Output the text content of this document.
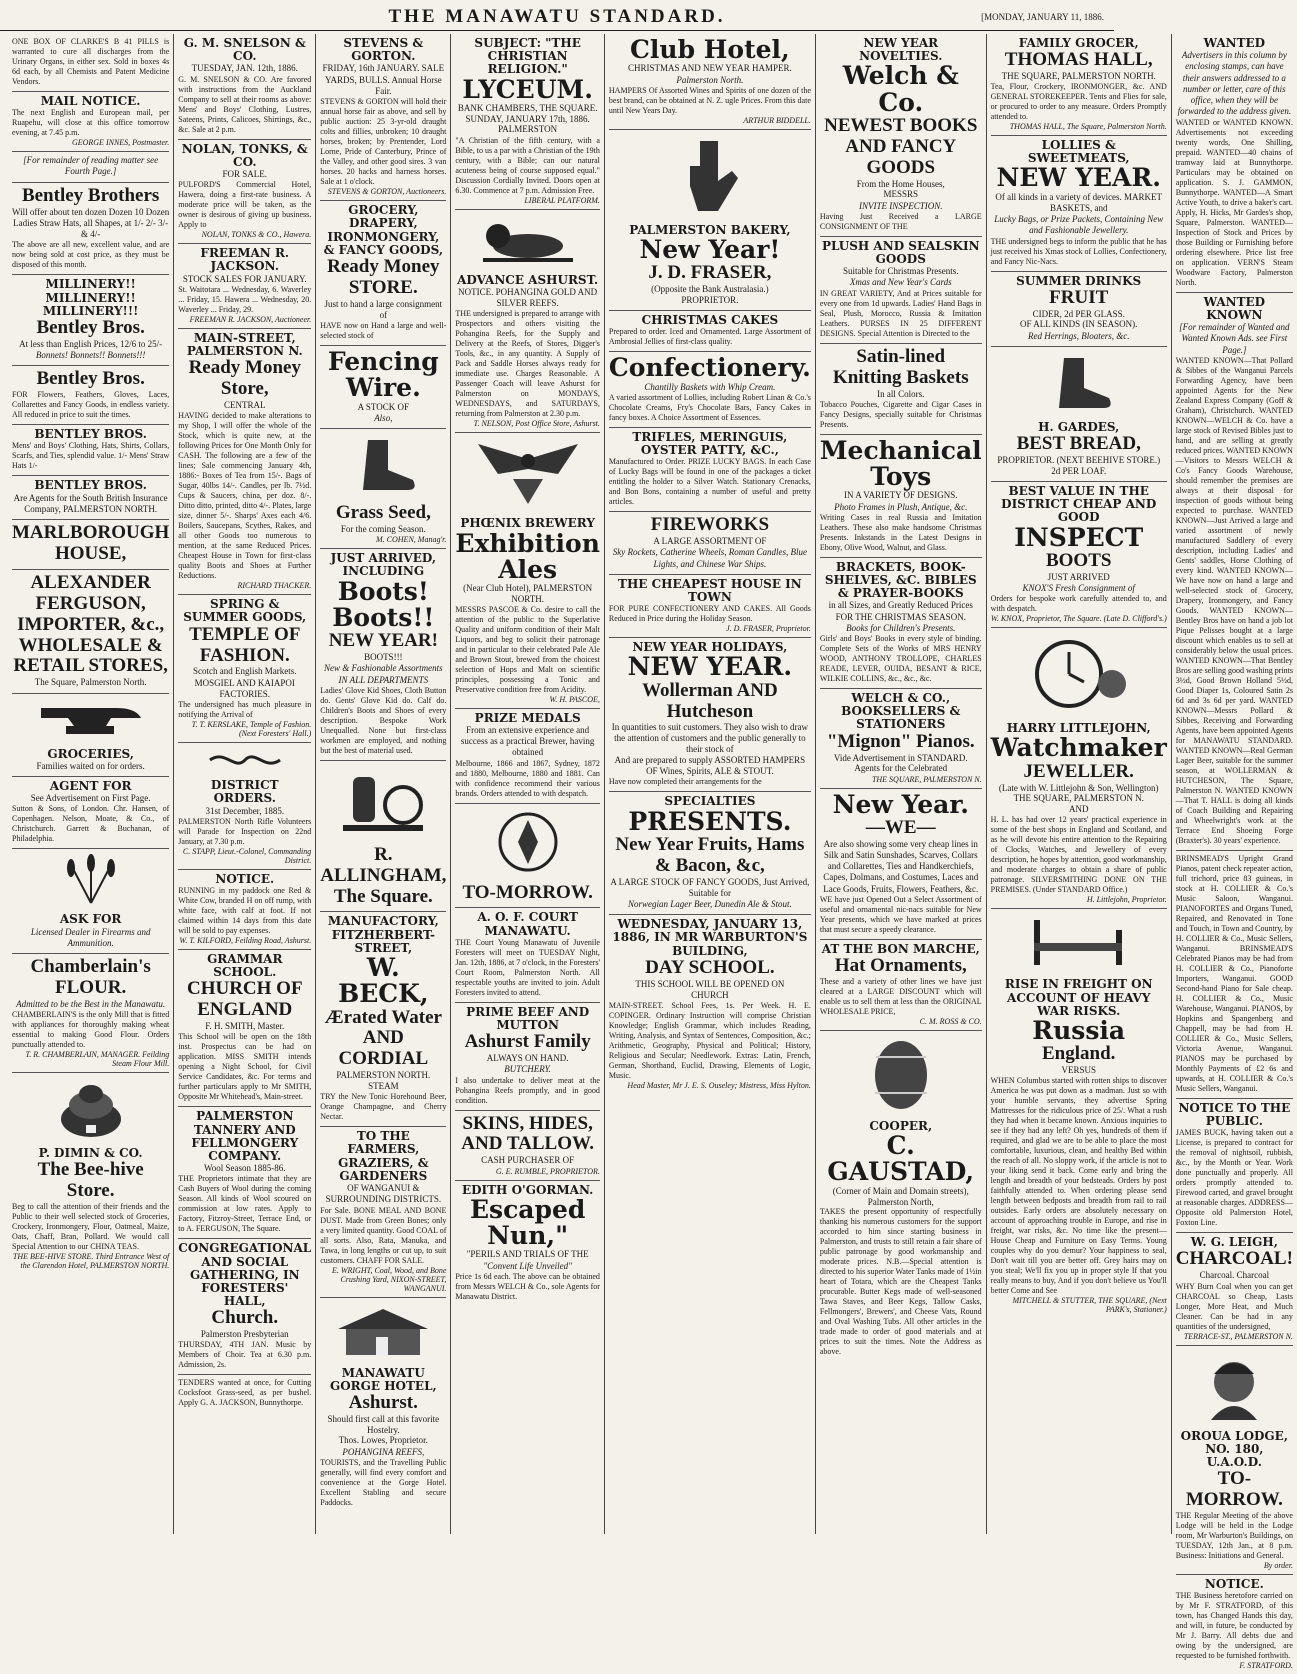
THE MANAWATU STANDARD.	[MONDAY, JANUARY 11, 1886.
ONE BOX OF CLARKE'S B 41 PILLS is warranted to cure all discharges from the Urinary Organs, in either sex. Sold in boxes 4s 6d each, by all Chemists and Patent Medicine Vendors.
MAIL NOTICE.
The next English and European mail, per Ruapehu, will close at this office tomorrow evening, at 7.45 p.m.
GEORGE INNES, Postmaster.
[For remainder of reading matter see Fourth Page.]
Bentley Brothers
Will offer about ten dozen Dozen 10 Dozen Ladies Straw Hats, all Shapes, at 1/- 2/- 3/- & 4/-
The above are all new, excellent value, and are now being sold at cost price, as they must be disposed of this month.
MILLINERY!! MILLINERY!! MILLINERY!!!
Bentley Bros.
At less than English Prices, 12/6 to 25/-
Bonnets! Bonnets!! Bonnets!!!
Bentley Bros.
FOR Flowers, Feathers, Gloves, Laces, Collarettes and Fancy Goods, in endless variety. All reduced in price to suit the times.
BENTLEY BROS.
Mens' and Boys' Clothing, Hats, Shirts, Collars, Scarfs, and Ties, splendid value. 1/- Mens' Straw Hats 1/-
BENTLEY BROS.
Are Agents for the South British Insurance Company, PALMERSTON NORTH.
MARLBOROUGH HOUSE,
ALEXANDER FERGUSON, IMPORTER, &c., WHOLESALE & RETAIL STORES,
The Square, Palmerston North.
GROCERIES,
Families waited on for orders.
AGENT FOR
See Advertisement on First Page.
Sutton & Sons, of London. Chr. Hansen, of Copenhagen. Nelson, Moate, & Co., of Christchurch. Garrett & Buchanan, of Philadelphia.
ASK FOR
Licensed Dealer in Firearms and Ammunition.
Chamberlain's FLOUR.
Admitted to be the Best in the Manawatu.
CHAMBERLAIN'S is the only Mill that is fitted with appliances for thoroughly making wheat essential to making Good Flour. Orders punctually attended to.
T. R. CHAMBERLAIN, MANAGER. Feilding Steam Flour Mill.
P. DIMIN & CO.
The Bee-hive Store.
Beg to call the attention of their friends and the Public to their well selected stock of Groceries, Crockery, Ironmongery, Flour, Oatmeal, Maize, Oats, Chaff, Bran, Pollard. We would call Special Attention to our CHINA TEAS.
THE BEE-HIVE STORE. Third Entrance West of the Clarendon Hotel, PALMERSTON NORTH.
G. M. SNELSON & CO.
TUESDAY, JAN. 12th, 1886.
G. M. SNELSON & CO. Are favored with instructions from the Auckland Company to sell at their rooms as above: Mens' and Boys' Clothing, Lustres, Sateens, Prints, Calicoes, Shirtings, &c., &c. Sale at 2 p.m.
NOLAN, TONKS, & CO.
FOR SALE.
PULFORD'S Commercial Hotel, Hawera, doing a first-rate business. A moderate price will be taken, as the owner is desirous of giving up business. Apply to
NOLAN, TONKS & CO., Hawera.
FREEMAN R. JACKSON.
STOCK SALES FOR JANUARY.
St. Waitotara ... Wednesday, 6. Waverley ... Friday, 15. Hawera ... Wednesday, 20. Waverley ... Friday, 29.
FREEMAN R. JACKSON, Auctioneer.
MAIN-STREET, PALMERSTON N.
Ready Money Store,
CENTRAL
HAVING decided to make alterations to my Shop, I will offer the whole of the Stock, which is quite new, at the following Prices for One Month Only for CASH. The following are a few of the lines; Sale commencing January 4th, 1886:- Boxes of Tea from 15/-. Bags of Sugar, 40lbs 14/-. Candles, per lb. 7½d. Cups & Saucers, china, per doz. 8/-. Ditto ditto, printed, ditto 4/-. Plates, large size, dinner 5/-. Sharps' Axes each 4/6. Boilers, Saucepans, Scythes, Rakes, and all other Goods too numerous to mention, at the same Reduced Prices. Cheapest House in Town for first-class quality Boots and Shoes at Further Reductions.
RICHARD THACKER.
SPRING & SUMMER GOODS,
TEMPLE OF FASHION.
Scotch and English Markets. MOSGIEL AND KAIAPOI FACTORIES.
The undersigned has much pleasure in notifying the Arrival of
T. T. KERSLAKE, Temple of Fashion. (Next Foresters' Hall.)
DISTRICT ORDERS.
31st December, 1885.
PALMERSTON North Rifle Volunteers will Parade for Inspection on 22nd January, at 7.30 p.m.
C. STAPP, Lieut.-Colonel, Commanding District.
NOTICE.
RUNNING in my paddock one Red & White Cow, branded H on off rump, with white face, with calf at foot. If not claimed within 14 days from this date will be sold to pay expenses.
W. T. KILFORD, Feilding Road, Ashurst.
GRAMMAR SCHOOL.
CHURCH OF ENGLAND
F. H. SMITH, Master.
This School will be open on the 18th inst. Prospectus can be had on application. MISS SMITH intends opening a Night School, for Civil Service Candidates, &c. For terms and further particulars apply to Mr SMITH, Opposite Mr Whitehead's, Main-street.
PALMERSTON TANNERY AND FELLMONGERY COMPANY.
Wool Season 1885-86.
THE Proprietors intimate that they are Cash Buyers of Wool during the coming Season. All kinds of Wool scoured on commission at low rates. Apply to Factory, Fitzroy-Street, Terrace End, or to A. FERGUSON, The Square.
CONGREGATIONAL AND SOCIAL GATHERING, IN FORESTERS' HALL,
Church.
Palmerston Presbyterian
THURSDAY, 4TH JAN. Music by Members of Choir. Tea at 6.30 p.m. Admission, 2s.
TENDERS wanted at once, for Cutting Cocksfoot Grass-seed, as per bushel. Apply G. A. JACKSON, Bunnythorpe.
STEVENS & GORTON.
FRIDAY, 16th JANUARY. SALE YARDS, BULLS. Annual Horse Fair.
STEVENS & GORTON will hold their annual horse fair as above, and sell by public auction: 25 3-yr-old draught colts and fillies, unbroken; 10 draught horses, broken; by Prentender, Lord Lorne, Pride of Canterbury, Prince of the Valley, and other good sires. 3 van horses. 20 hacks and harness horses. Sale at 1 o'clock.
STEVENS & GORTON, Auctioneers.
GROCERY, DRAPERY, IRONMONGERY, & FANCY GOODS,
Ready Money STORE.
Just to hand a large consignment of
HAVE now on Hand a large and well-selected stock of
Fencing Wire.
A STOCK OF
Also,
Grass Seed,
For the coming Season.
M. COHEN, Manag'r.
JUST ARRIVED, INCLUDING
Boots! Boots!!
NEW YEAR!
BOOTS!!!
New & Fashionable Assortments IN ALL DEPARTMENTS
Ladies' Glove Kid Shoes, Cloth Button do. Gents' Glove Kid do. Calf do. Children's Boots and Shoes of every description. Bespoke Work Unequalled. None but first-class workmen are employed, and nothing but the best of material used.
R. ALLINGHAM, The Square.
MANUFACTORY, FITZHERBERT-STREET,
W. BECK,
Ærated Water AND CORDIAL
PALMERSTON NORTH.
STEAM
TRY the New Tonic Horehound Beer, Orange Champagne, and Cherry Nectar.
TO THE FARMERS, GRAZIERS, & GARDENERS
OF WANGANUI & SURROUNDING DISTRICTS.
For Sale. BONE MEAL AND BONE DUST. Made from Green Bones; only a very limited quantity. Good COAL of all sorts. Also, Rata, Manuka, and Tawa, in long lengths or cut up, to suit customers. CHAFF FOR SALE.
E. WRIGHT, Coal, Wood, and Bone Crushing Yard, NIXON-STREET, WANGANUI.
MANAWATU GORGE HOTEL,
Ashurst.
Should first call at this favorite Hostelry.
Thos. Lowes, Proprietor.
POHANGINA REEFS,
TOURISTS, and the Travelling Public generally, will find every comfort and convenience at the Gorge Hotel. Excellent Stabling and secure Paddocks.
SUBJECT: "THE CHRISTIAN RELIGION."
LYCEUM.
BANK CHAMBERS, THE SQUARE. SUNDAY, JANUARY 17th, 1886.
PALMERSTON
"A Christian of the fifth century, with a Bible, to us a par with a Christian of the 19th century, with a Bible; can our natural acuteness being of course supposed equal." Discussion Cordially Invited. Doors open at 6.30. Commence at 7 p.m. Admission Free.
LIBERAL PLATFORM.
ADVANCE ASHURST.
NOTICE. POHANGINA GOLD AND SILVER REEFS.
THE undersigned is prepared to arrange with Prospectors and others visiting the Pohangina Reefs, for the Supply and Delivery at the Reefs, of Stores, Digger's Tools, &c., in any quantity. A Supply of Pack and Saddle Horses always ready for immediate use. Charges Reasonable. A Passenger Coach will leave Ashurst for Palmerston on MONDAYS, WEDNESDAYS, and SATURDAYS, returning from Palmerston at 2.30 p.m.
T. NELSON, Post Office Store, Ashurst.
PHŒNIX BREWERY
Exhibition Ales
(Near Club Hotel), PALMERSTON NORTH.
MESSRS PASCOE & Co. desire to call the attention of the public to the Superlative Quality and uniform condition of their Malt Liquors, and beg to solicit their patronage and in particular to their celebrated Pale Ale and Brown Stout, brewed from the choicest selection of Hops and Malt on scientific principles, possessing a Tonic and Preservative condition free from Acidity.
W. H. PASCOE,
PRIZE MEDALS
From an extensive experience and success as a practical Brewer, having obtained
Melbourne, 1866 and 1867, Sydney, 1872 and 1880, Melbourne, 1880 and 1881. Can with confidence recommend their various brands. Orders attended to with despatch.
TO-MORROW.
A. O. F. COURT MANAWATU.
THE Court Young Manawatu of Juvenile Foresters will meet on TUESDAY Night, Jan. 12th, 1886, at 7 o'clock, in the Foresters' Court Room, Palmerston North. All respectable youths are invited to join. Adult Foresters invited to attend.
PRIME BEEF AND MUTTON
Ashurst Family
ALWAYS ON HAND.
BUTCHERY.
I also undertake to deliver meat at the Pohangina Reefs promptly, and in good condition.
SKINS, HIDES, AND TALLOW.
CASH PURCHASER OF
G. E. RUMBLE, PROPRIETOR.
EDITH O'GORMAN.
Escaped Nun,"
"PERILS AND TRIALS OF THE
"Convent Life Unveiled"
Price 1s 6d each. The above can be obtained from Messrs WELCH & Co., sole Agents for Manawatu District.
Club Hotel,
CHRISTMAS AND NEW YEAR HAMPER.
Palmerston North.
HAMPERS Of Assorted Wines and Spirits of one dozen of the best brand, can be obtained at N. Z. ugle Prices. From this date until New Years Day.
ARTHUR BIDDELL.
PALMERSTON BAKERY,
New Year!
J. D. FRASER,
(Opposite the Bank Australasia.)
PROPRIETOR.
CHRISTMAS CAKES
Prepared to order. Iced and Ornamented. Large Assortment of Ambrosial Jellies of first-class quality.
Confectionery.
Chantilly Baskets with Whip Cream.
A varied assortment of Lollies, including Robert Linan & Co.'s Chocolate Creams, Fry's Chocolate Bars, Fancy Cakes in fancy boxes. A Choice Assortment of Essences.
TRIFLES, MERINGUIS, OYSTER PATTY, &C.,
Manufactured to Order. PRIZE LUCKY BAGS. In each Case of Lucky Bags will be found in one of the packages a ticket entitling the holder to a Silver Watch. Stationary Crenacks, and Bon Bons, containing a number of useful and pretty articles.
FIREWORKS
A LARGE ASSORTMENT OF
Sky Rockets, Catherine Wheels, Roman Candles, Blue Lights, and Chinese War Ships.
THE CHEAPEST HOUSE IN TOWN
FOR PURE CONFECTIONERY AND CAKES. All Goods Reduced in Price during the Holiday Season.
J. D. FRASER, Proprietor.
NEW YEAR HOLIDAYS,
NEW YEAR.
Wollerman AND Hutcheson
In quantities to suit customers. They also wish to draw the attention of customers and the public generally to their stock of
And are prepared to supply ASSORTED HAMPERS OF Wines, Spirits, ALE & STOUT.
Have now completed their arrangements for the
SPECIALTIES
PRESENTS.
New Year Fruits, Hams & Bacon, &c,
A LARGE STOCK OF FANCY GOODS, Just Arrived, Suitable for
Norwegian Lager Beer, Dunedin Ale & Stout.
WEDNESDAY, JANUARY 13, 1886, IN MR WARBURTON'S BUILDING,
DAY SCHOOL.
THIS SCHOOL WILL BE OPENED ON
CHURCH
MAIN-STREET. School Fees, 1s. Per Week. H. E. COPINGER. Ordinary Instruction will comprise Christian Knowledge; English Grammar, which includes Reading, Writing, Analysis, and Syntax of Sentences, Composition, &c.; Arithmetic, Geography, Physical and Political; History, Religious and Secular; Needlework. Extras: Latin, French, German, Shorthand, Euclid, Drawing, Elements of Logic, Music.
Head Master, Mr J. E. S. Ouseley; Mistress, Miss Hylton.
NEW YEAR NOVELTIES.
Welch & Co.
NEWEST BOOKS AND FANCY GOODS
From the Home Houses,
MESSRS
INVITE INSPECTION.
Having Just Received a LARGE CONSIGNMENT OF THE
PLUSH AND SEALSKIN GOODS
Suitable for Christmas Presents.
Xmas and New Year's Cards
IN GREAT VARIETY, And at Prices suitable for every one from 1d upwards. Ladies' Hand Bags in Seal, Plush, Morocco, Russia & Imitation Leathers. PURSES IN 25 DIFFERENT DESIGNS. Special Attention is Directed to the
Satin-lined Knitting Baskets
In all Colors.
Tobacco Pouches, Cigarette and Cigar Cases in Fancy Designs, specially suitable for Christmas Presents.
Mechanical Toys
IN A VARIETY OF DESIGNS.
Photo Frames in Plush, Antique, &c.
Writing Cases in real Russia and Imitation Leathers. These also make handsome Christmas Presents. Inkstands in the Latest Designs in Ebony, Olive Wood, Walnut, and Glass.
BRACKETS, BOOK-SHELVES, &C. BIBLES & PRAYER-BOOKS
in all Sizes, and Greatly Reduced Prices FOR THE CHRISTMAS SEASON.
Books for Children's Presents.
Girls' and Boys' Books in every style of binding. Complete Sets of the Works of MRS HENRY WOOD, ANTHONY TROLLOPE, CHARLES READE, LEVER, OUIDA, BESANT & RICE, WILKIE COLLINS, &c., &c., &c.
WELCH & CO., BOOKSELLERS & STATIONERS
"Mignon" Pianos.
Vide Advertisement in STANDARD.
Agents for the Celebrated
THE SQUARE, PALMERSTON N.
New Year.
—WE—
Are also showing some very cheap lines in Silk and Satin Sunshades, Scarves, Collars and Collarettes, Ties and Handkerchiefs, Capes, Dolmans, and Costumes, Laces and Lace Goods, Fruits, Flowers, Feathers, &c.
WE have just Opened Out a Select Assortment of useful and ornamental nic-nacs suitable for New Year presents, which we have marked at prices that must secure a speedy clearance.
AT THE BON MARCHE,
Hat Ornaments,
These and a variety of other lines we have just cleared at a LARGE DISCOUNT which will enable us to sell them at less than the ORIGINAL WHOLESALE PRICE,
C. M. ROSS & CO.
COOPER,
C. GAUSTAD,
(Corner of Main and Domain streets), Palmerston North,
TAKES the present opportunity of respectfully thanking his numerous customers for the support accorded to him since starting business in Palmerston, and trusts to still retain a fair share of public patronage by good workmanship and moderate prices. N.B.—Special attention is directed to his superior Water Tanks made of 1½in heart of Totara, which are the Cheapest Tanks procurable. Butter Kegs made of well-seasoned Tawa Staves, and Beer Kegs, Tallow Casks, Fellmongers', Brewers', and Cheese Vats, Round and Oval Washing Tubs. All other articles in the trade made to order of good materials and at prices to suit the times. Note the Address as above.
FAMILY GROCER,
THOMAS HALL,
THE SQUARE, PALMERSTON NORTH.
Tea, Flour, Crockery, IRONMONGER, &c. AND GENERAL STOREKEEPER. Tents and Flies for sale, or procured to order to any measure. Orders Promptly attended to.
THOMAS HALL, The Square, Palmerston North.
LOLLIES & SWEETMEATS,
NEW YEAR.
Of all kinds in a variety of devices. MARKET BASKETS, and
Lucky Bags, or Prize Packets, Containing New and Fashionable Jewellery.
THE undersigned begs to inform the public that he has just received his Xmas stock of Lollies, Confectionery, and Fancy Nic-Nacs.
SUMMER DRINKS
FRUIT
CIDER, 2d PER GLASS.
OF ALL KINDS (IN SEASON).
Red Herrings, Bloaters, &c.
H. GARDES,
BEST BREAD,
PROPRIETOR. (NEXT BEEHIVE STORE.)
2d PER LOAF.
BEST VALUE IN THE DISTRICT CHEAP AND GOOD
INSPECT
BOOTS
JUST ARRIVED
KNOX'S Fresh Consignment of
Orders for bespoke work carefully attended to, and with despatch.
W. KNOX, Proprietor, The Square. (Late D. Clifford's.)
HARRY LITTLEJOHN,
Watchmaker
JEWELLER.
(Late with W. Littlejohn & Son, Wellington) THE SQUARE, PALMERSTON N.
AND
H. L. has had over 12 years' practical experience in some of the best shops in England and Scotland, and as he will devote his entire attention to the Repairing of Clocks, Watches, and Jewellery of every description, he hopes by attention, good workmanship, and moderate charges to obtain a share of public patronage. SILVERSMITHING DONE ON THE PREMISES. (Under STANDARD Office.)
H. Littlejohn, Proprietor.
RISE IN FREIGHT ON ACCOUNT OF HEAVY WAR RISKS.
Russia
England.
VERSUS
WHEN Columbus started with rotten ships to discover America he was put down as a madman. Just so with your humble servants, they advertise Spring Mattresses for the ridiculous price of 25/. What a rush they had when it became known. Anxious inquiries to see if they had any left? Oh yes, hundreds of them if required, and glad we are to be able to place the most comfortable, luxurious, clean, and healthy Bed within the reach of all. No sloppy work, if the article is not to your liking send it back. Come early and bring the length and breadth of your bedsteads. Orders by post faithfully attended to. When ordering please send length between bedposts and breadth from rail to rail outsides. Early orders are absolutely necessary on account of approaching trouble in Europe, and rise in freight, war risks, &c. No time like the present—House Cheap and Furniture on Easy Terms. Young couples why do you demur? Your happiness to seal, Don't wait till you are better off. Grey hairs may on you steal; We'll fix you up in proper style If that you really means to buy, And if you don't believe us You'll better Come and See
MITCHELL & STUTTER, THE SQUARE, (Next PARK's, Stationer.)
WANTED
Advertisers in this column by enclosing stamps, can have their answers addressed to a number or letter, care of this office, when they will be forwarded to the address given.
WANTED or WANTED KNOWN. Advertisements not exceeding twenty words, One Shilling, prepaid. WANTED—40 chains of tramway laid at Bunnythorpe. Particulars may be obtained on application. S. J. GAMMON, Bunnythorpe. WANTED—A Smart Active Youth, to drive a baker's cart. Apply, H. Hicks, Mr Gardes's shop, Square, Palmerston. WANTED—Inspection of Stock and Prices by those Building or Furnishing before ordering elsewhere. Price list free on application. VERN'S Steam Woodware Factory, Palmerston North.
WANTED KNOWN
[For remainder of Wanted and Wanted Known Ads. see First Page.]
WANTED KNOWN—That Pollard & Sibbes of the Wanganui Parcels Forwarding Agency, have been appointed Agents for the New Zealand Express Company (Goff & Graham), Christchurch. WANTED KNOWN—WELCH & Co. have a large stock of Revised Bibles just to hand, and are selling at greatly reduced prices. WANTED KNOWN—Visitors to Messrs WELCH & Co's Fancy Goods Warehouse, should remember the premises are always at their disposal for inspection of goods without being expected to purchase. WANTED KNOWN—Just Arrived a large and varied assortment of newly manufactured Saddlery of every description, including Ladies' and Gents' saddles, Horse Clothing of every kind. WANTED KNOWN—We have now on hand a large and well-selected stock of Grocery, Drapery, Ironmongery, and Fancy Goods. WANTED KNOWN—Bentley Bros have on hand a job lot Pique Pelisses bought at a large discount which enables us to sell at considerably below the usual prices. WANTED KNOWN—That Bentley Bros are selling good washing prints 3½d, Good Brown Holland 5½d, Good Diaper 1s, Coloured Satin 2s 6d and 3s 6d per yard. WANTED KNOWN—Messrs Pollard & Sibbes, Receiving and Forwarding Agents, have been appointed Agents for MANAWATU STANDARD. WANTED KNOWN—Real German Lager Beer, suitable for the summer season, at WOLLERMAN & HUTCHESON, The Square, Palmerston N. WANTED KNOWN—That T. HALL is doing all kinds of Coach Building and Repairing and Wheelwright's work at the Terrace End Shoeing Forge (Braxter's). 30 years' experience.
BRINSMEAD'S Upright Grand Pianos, patent check repeater action, full trichord, price 83 guineas, in stock at H. COLLIER & Co.'s Music Saloon, Wanganui. PIANOFORTES and Organs Tuned, Repaired, and Renovated in Tone and Touch, in Town and Country, by H. COLLIER & Co., Music Sellers, Wanganui. BRINSMEAD'S Celebrated Pianos may be had from H. COLLIER & Co., Pianoforte Importers, Wanganui. GOOD Second-hand Piano for Sale cheap. H. COLLIER & Co., Music Warehouse, Wanganui. PIANOS, by Hopkins and Spangenberg and Chappell, may be had from H. COLLIER & Co., Music Sellers, Victoria Avenue, Wanganui. PIANOS may be purchased by Monthly Payments of £2 6s and upwards, at H. COLLIER & Co.'s Music Sellers, Wanganui.
NOTICE TO THE PUBLIC.
JAMES BUCK, having taken out a License, is prepared to contract for the removal of nightsoil, rubbish, &c., by the Month or Year. Work done punctually and properly. All orders promptly attended to. Firewood carted, and gravel brought at reasonable charges. ADDRESS—Opposite old Palmerston Hotel, Foxton Line.
W. G. LEIGH,
CHARCOAL!
Charcoal. Charcoal
WHY Burn Coal when you can get CHARCOAL so Cheap, Lasts Longer, More Heat, and Much Cleaner. Can be had in any quantities of the undersigned,
TERRACE-ST., PALMERSTON N.
OROUA LODGE, NO. 180, U.A.O.D.
TO-MORROW.
THE Regular Meeting of the above Lodge will be held in the Lodge room, Mr Warburton's Buildings, on TUESDAY, 12th Jan., at 8 p.m. Business: Initiations and General.
By order.
NOTICE.
THE Business heretofore carried on by Mr F. STRATFORD, of this town, has Changed Hands this day, and will, in future, be conducted by Mr J. Barry. All debts due and owing by the undersigned, are requested to be furnished forthwith.
F. STRATFORD.
